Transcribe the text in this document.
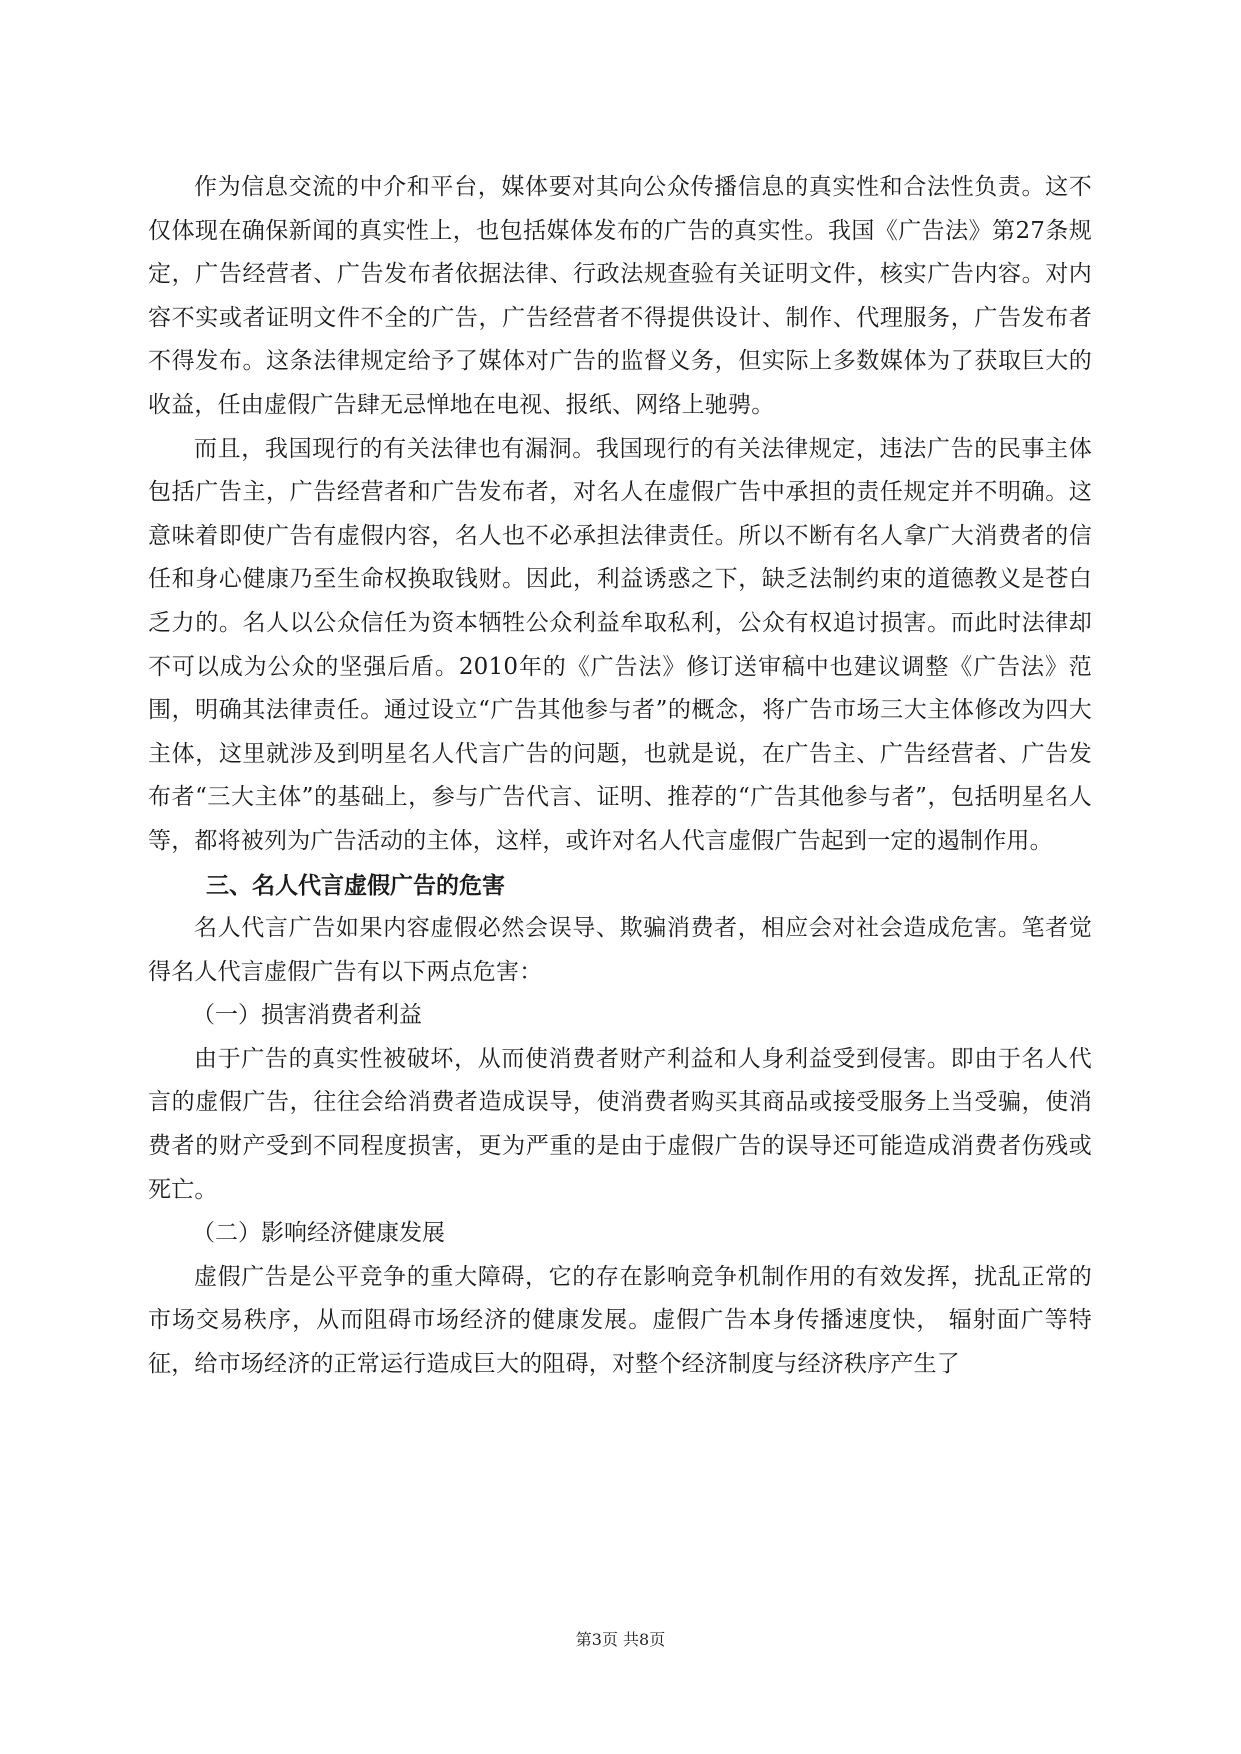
作为信息交流的中介和平台，媒体要对其向公众传播信息的真实性和合法性负责。这不仅体现在确保新闻的真实性上，也包括媒体发布的广告的真实性。我国《广告法》第27条规定，广告经营者、广告发布者依据法律、行政法规查验有关证明文件，核实广告内容。对内容不实或者证明文件不全的广告，广告经营者不得提供设计、制作、代理服务，广告发布者不得发布。这条法律规定给予了媒体对广告的监督义务，但实际上多数媒体为了获取巨大的收益，任由虚假广告肆无忌惮地在电视、报纸、网络上驰骋。

而且，我国现行的有关法律也有漏洞。我国现行的有关法律规定，违法广告的民事主体包括广告主，广告经营者和广告发布者，对名人在虚假广告中承担的责任规定并不明确。这意味着即使广告有虚假内容，名人也不必承担法律责任。所以不断有名人拿广大消费者的信任和身心健康乃至生命权换取钱财。因此，利益诱惑之下，缺乏法制约束的道德教义是苍白乏力的。名人以公众信任为资本牺牲公众利益牟取私利，公众有权追讨损害。而此时法律却不可以成为公众的坚强后盾。2010年的《广告法》修订送审稿中也建议调整《广告法》范围，明确其法律责任。通过设立“广告其他参与者”的概念，将广告市场三大主体修改为四大主体，这里就涉及到明星名人代言广告的问题，也就是说，在广告主、广告经营者、广告发布者“三大主体”的基础上，参与广告代言、证明、推荐的“广告其他参与者”，包括明星名人等，都将被列为广告活动的主体，这样，或许对名人代言虚假广告起到一定的遏制作用。

三、名人代言虚假广告的危害

名人代言广告如果内容虚假必然会误导、欺骗消费者，相应会对社会造成危害。笔者觉得名人代言虚假广告有以下两点危害：

（一）损害消费者利益

由于广告的真实性被破坏，从而使消费者财产利益和人身利益受到侵害。即由于名人代言的虚假广告，往往会给消费者造成误导，使消费者购买其商品或接受服务上当受骗，使消费者的财产受到不同程度损害，更为严重的是由于虚假广告的误导还可能造成消费者伤残或死亡。

（二）影响经济健康发展

虚假广告是公平竞争的重大障碍，它的存在影响竞争机制作用的有效发挥，扰乱正常的市场交易秩序，从而阻碍市场经济的健康发展。虚假广告本身传播速度快， 辐射面广等特征，给市场经济的正常运行造成巨大的阻碍，对整个经济制度与经济秩序产生了

第3页 共8页
